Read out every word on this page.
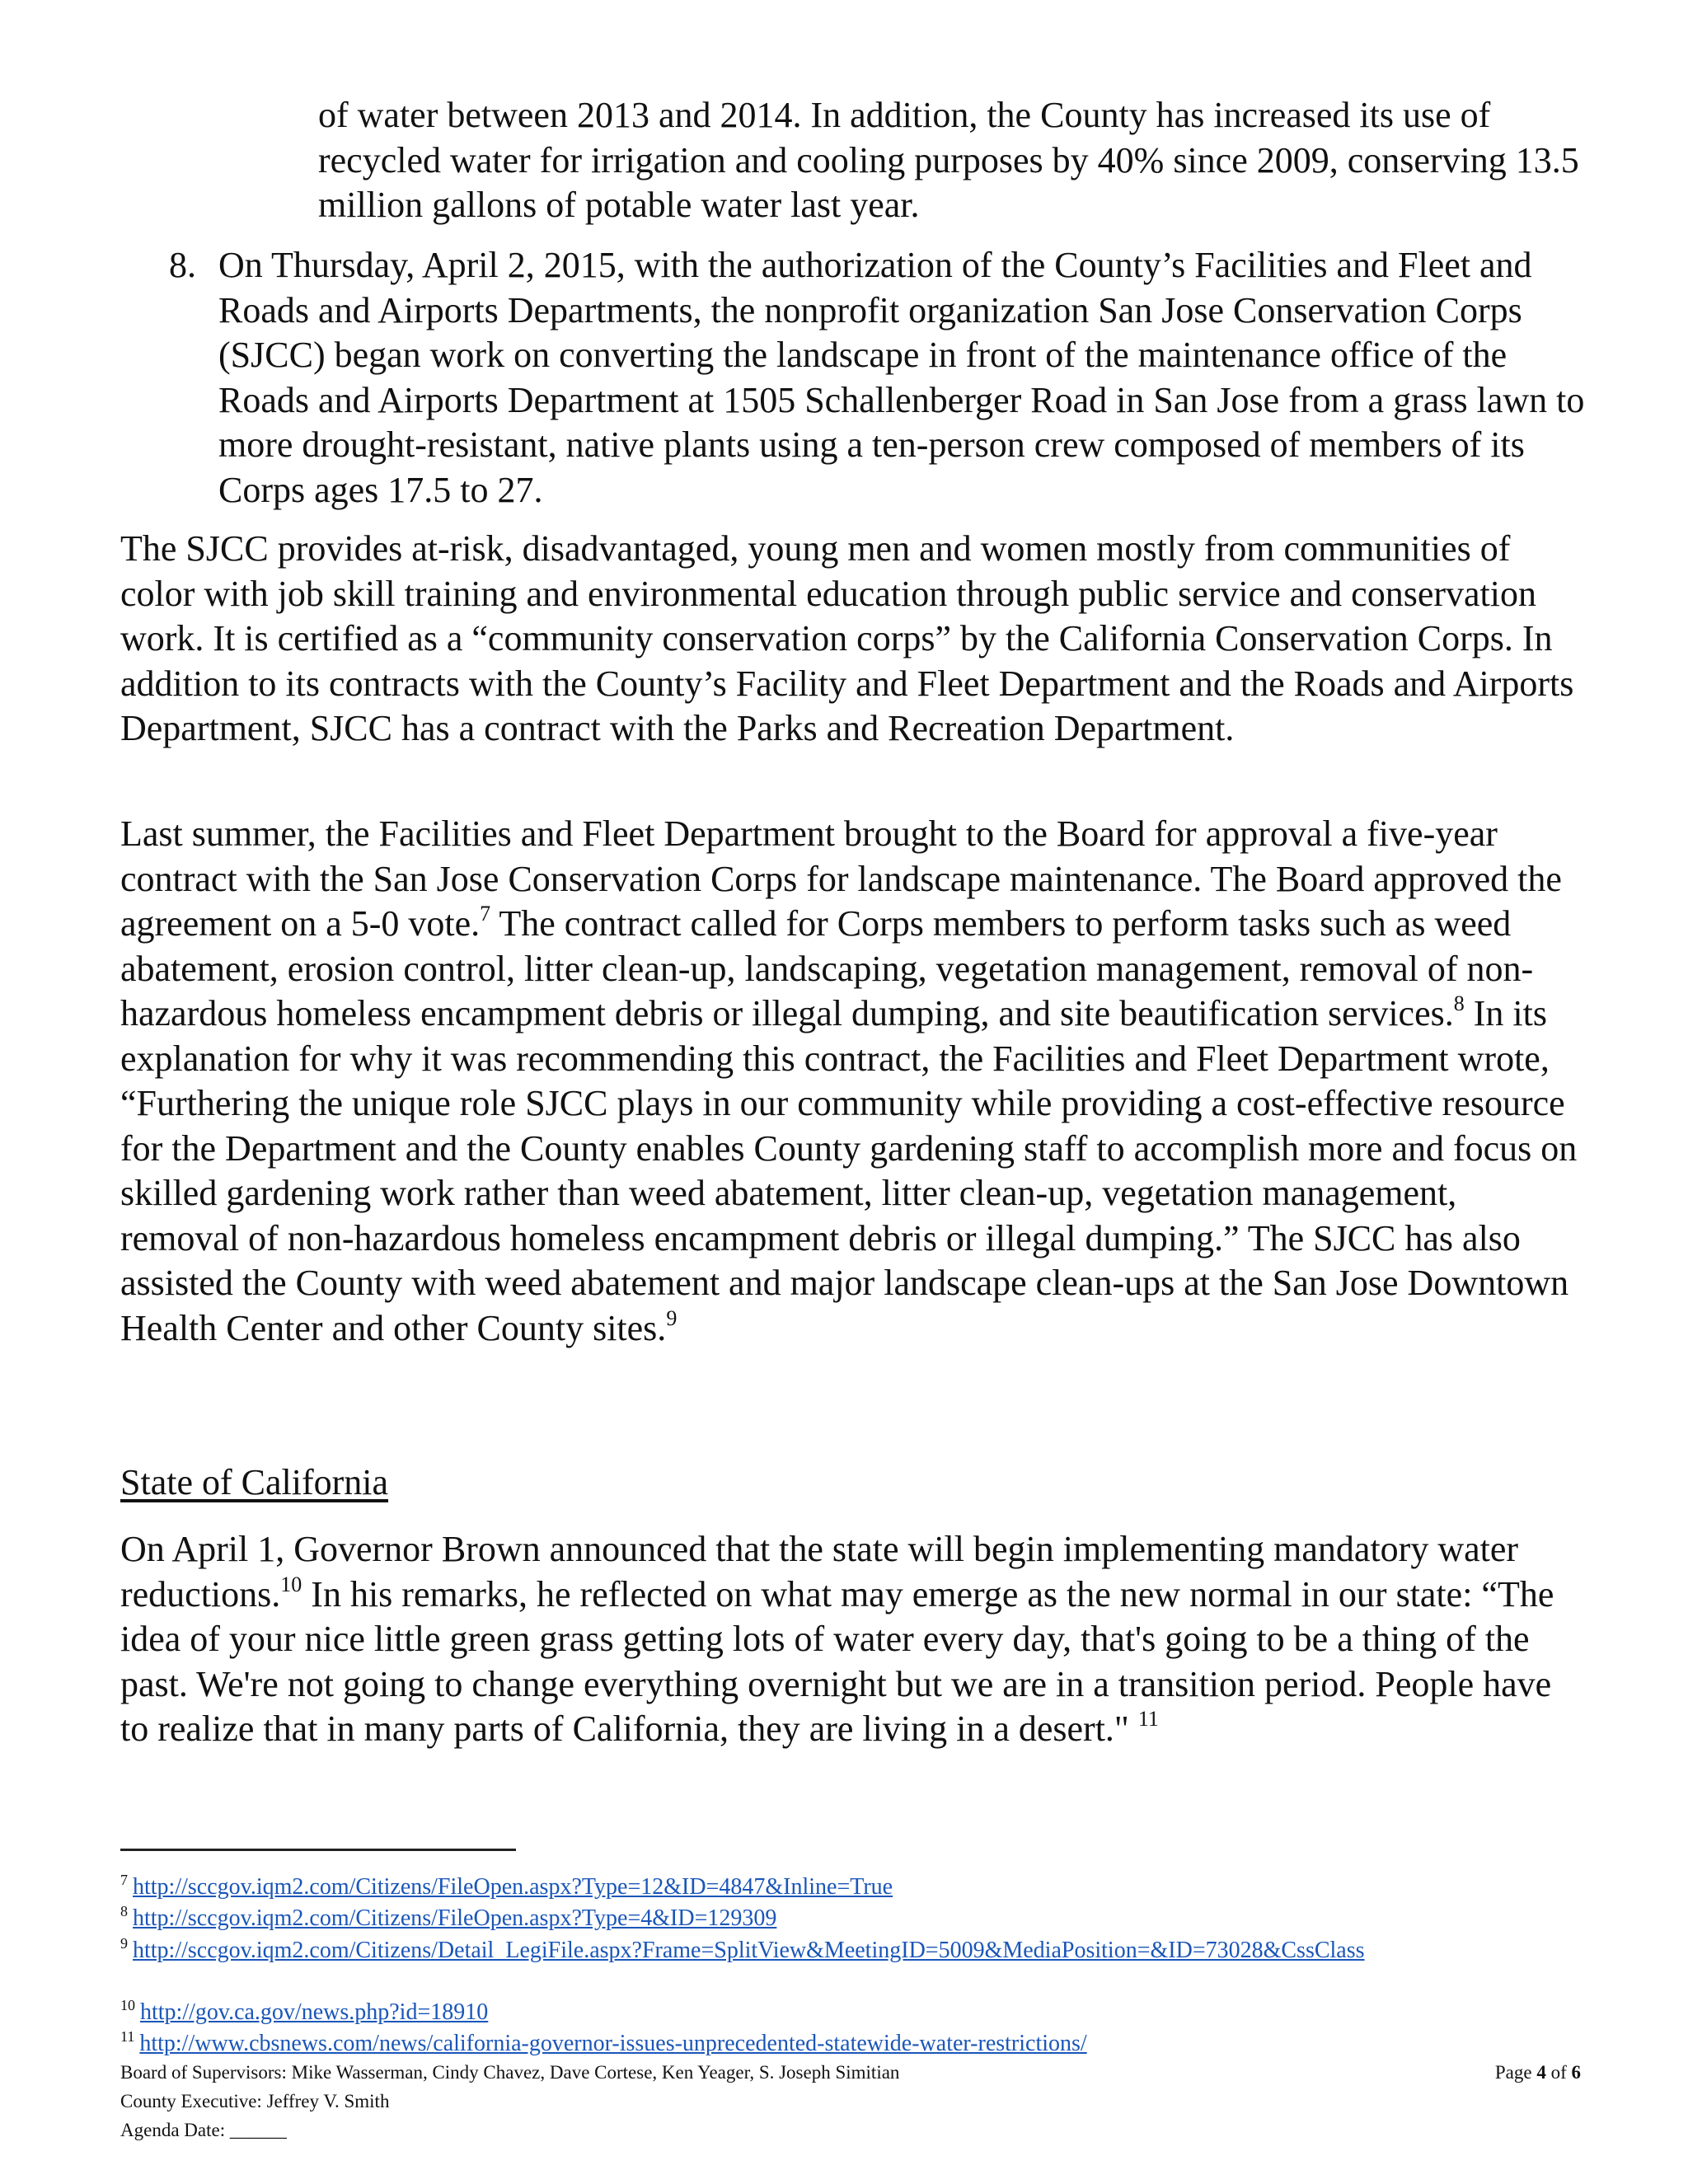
of water between 2013 and 2014. In addition, the County has increased its use of recycled water for irrigation and cooling purposes by 40% since 2009, conserving 13.5 million gallons of potable water last year.

8. On Thursday, April 2, 2015, with the authorization of the County’s Facilities and Fleet and Roads and Airports Departments, the nonprofit organization San Jose Conservation Corps (SJCC) began work on converting the landscape in front of the maintenance office of the Roads and Airports Department at 1505 Schallenberger Road in San Jose from a grass lawn to more drought-resistant, native plants using a ten-person crew composed of members of its Corps ages 17.5 to 27.

The SJCC provides at-risk, disadvantaged, young men and women mostly from communities of color with job skill training and environmental education through public service and conservation work. It is certified as a “community conservation corps” by the California Conservation Corps. In addition to its contracts with the County’s Facility and Fleet Department and the Roads and Airports Department, SJCC has a contract with the Parks and Recreation Department.

Last summer, the Facilities and Fleet Department brought to the Board for approval a five-year contract with the San Jose Conservation Corps for landscape maintenance. The Board approved the agreement on a 5-0 vote.$^7$ The contract called for Corps members to perform tasks such as weed abatement, erosion control, litter clean-up, landscaping, vegetation management, removal of non-hazardous homeless encampment debris or illegal dumping, and site beautification services.$^8$ In its explanation for why it was recommending this contract, the Facilities and Fleet Department wrote, “Furthering the unique role SJCC plays in our community while providing a cost-effective resource for the Department and the County enables County gardening staff to accomplish more and focus on skilled gardening work rather than weed abatement, litter clean-up, vegetation management, removal of non-hazardous homeless encampment debris or illegal dumping.” The SJCC has also assisted the County with weed abatement and major landscape clean-ups at the San Jose Downtown Health Center and other County sites.$^9$

State of California

On April 1, Governor Brown announced that the state will begin implementing mandatory water reductions.$^{10}$ In his remarks, he reflected on what may emerge as the new normal in our state: “The idea of your nice little green grass getting lots of water every day, that's going to be a thing of the past. We're not going to change everything overnight but we are in a transition period. People have to realize that in many parts of California, they are living in a desert." $^{11}$

$^7$ http://sccgov.iqm2.com/Citizens/FileOpen.aspx?Type=12&ID=4847&Inline=True
$^8$ http://sccgov.iqm2.com/Citizens/FileOpen.aspx?Type=4&ID=129309
$^9$ http://sccgov.iqm2.com/Citizens/Detail_LegiFile.aspx?Frame=SplitView&MeetingID=5009&MediaPosition=&ID=73028&CssClass
$^{10}$ http://gov.ca.gov/news.php?id=18910
$^{11}$ http://www.cbsnews.com/news/california-governor-issues-unprecedented-statewide-water-restrictions/
Board of Supervisors: Mike Wasserman, Cindy Chavez, Dave Cortese, Ken Yeager, S. Joseph Simitian
County Executive: Jeffrey V. Smith
Agenda Date: ______
Page 4 of 6
